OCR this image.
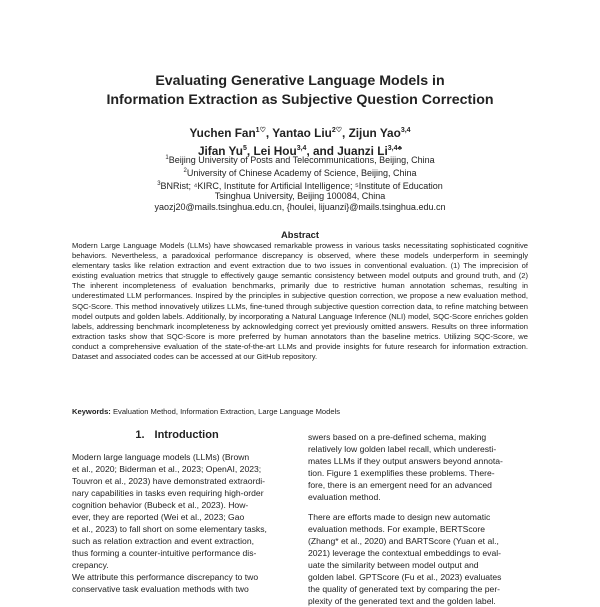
Evaluating Generative Language Models in
Information Extraction as Subjective Question Correction
Yuchen Fan$^{1♡}$, Yantao Liu$^{2♡}$, Zijun Yao$^{3,4}$
Jifan Yu$^5$, Lei Hou$^{3,4}$, and Juanzi $Li^{3,4♣}$
$^1$Beijing University of Posts and Telecommunications, Beijing, China
$^2$University of Chinese Academy of Science, Beijing, China
$^3$BNRist; ⁴KIRC, Institute for Artificial Intelligence; ⁵Institute of Education
Tsinghua University, Beijing 100084, China
yaozj20@mails.tsinghua.edu.cn, {houlei, lijuanzi}@mails.tsinghua.edu.cn
Abstract
Modern Large Language Models (LLMs) have showcased remarkable prowess in various tasks necessitating sophisticated cognitive behaviors. Nevertheless, a paradoxical performance discrepancy is observed, where these models underperform in seemingly elementary tasks like relation extraction and event extraction due to two issues in conventional evaluation. (1) The imprecision of existing evaluation metrics that struggle to effectively gauge semantic consistency between model outputs and ground truth, and (2) The inherent incompleteness of evaluation benchmarks, primarily due to restrictive human annotation schemas, resulting in underestimated LLM performances. Inspired by the principles in subjective question correction, we propose a new evaluation method, SQC-Score. This method innovatively utilizes LLMs, fine-tuned through subjective question correction data, to refine matching between model outputs and golden labels. Additionally, by incorporating a Natural Language Inference (NLI) model, SQC-Score enriches golden labels, addressing benchmark incompleteness by acknowledging correct yet previously omitted answers. Results on three information extraction tasks show that SQC-Score is more preferred by human annotators than the baseline metrics. Utilizing SQC-Score, we conduct a comprehensive evaluation of the state-of-the-art LLMs and provide insights for future research for information extraction. Dataset and associated codes can be accessed at our GitHub repository.
Keywords: Evaluation Method, Information Extraction, Large Language Models
1. Introduction
Modern large language models (LLMs) (Brown
et al., 2020; Biderman et al., 2023; OpenAI, 2023;
Touvron et al., 2023) have demonstrated extraordi-
nary capabilities in tasks even requiring high-order
cognition behavior (Bubeck et al., 2023). How-
ever, they are reported (Wei et al., 2023; Gao
et al., 2023) to fall short on some elementary tasks,
such as relation extraction and event extraction,
thus forming a counter-intuitive performance dis-
crepancy.
We attribute this performance discrepancy to two
conservative task evaluation methods with two
swers based on a pre-defined schema, making
relatively low golden label recall, which underesti-
mates LLMs if they output answers beyond annota-
tion. Figure 1 exemplifies these problems. There-
fore, there is an emergent need for an advanced
evaluation method.
There are efforts made to design new automatic
evaluation methods. For example, BERTScore
(Zhang* et al., 2020) and BARTScore (Yuan et al.,
2021) leverage the contextual embeddings to eval-
uate the similarity between model output and
golden label. GPTScore (Fu et al., 2023) evaluates
the quality of generated text by comparing the per-
plexity of the generated text and the golden label.
